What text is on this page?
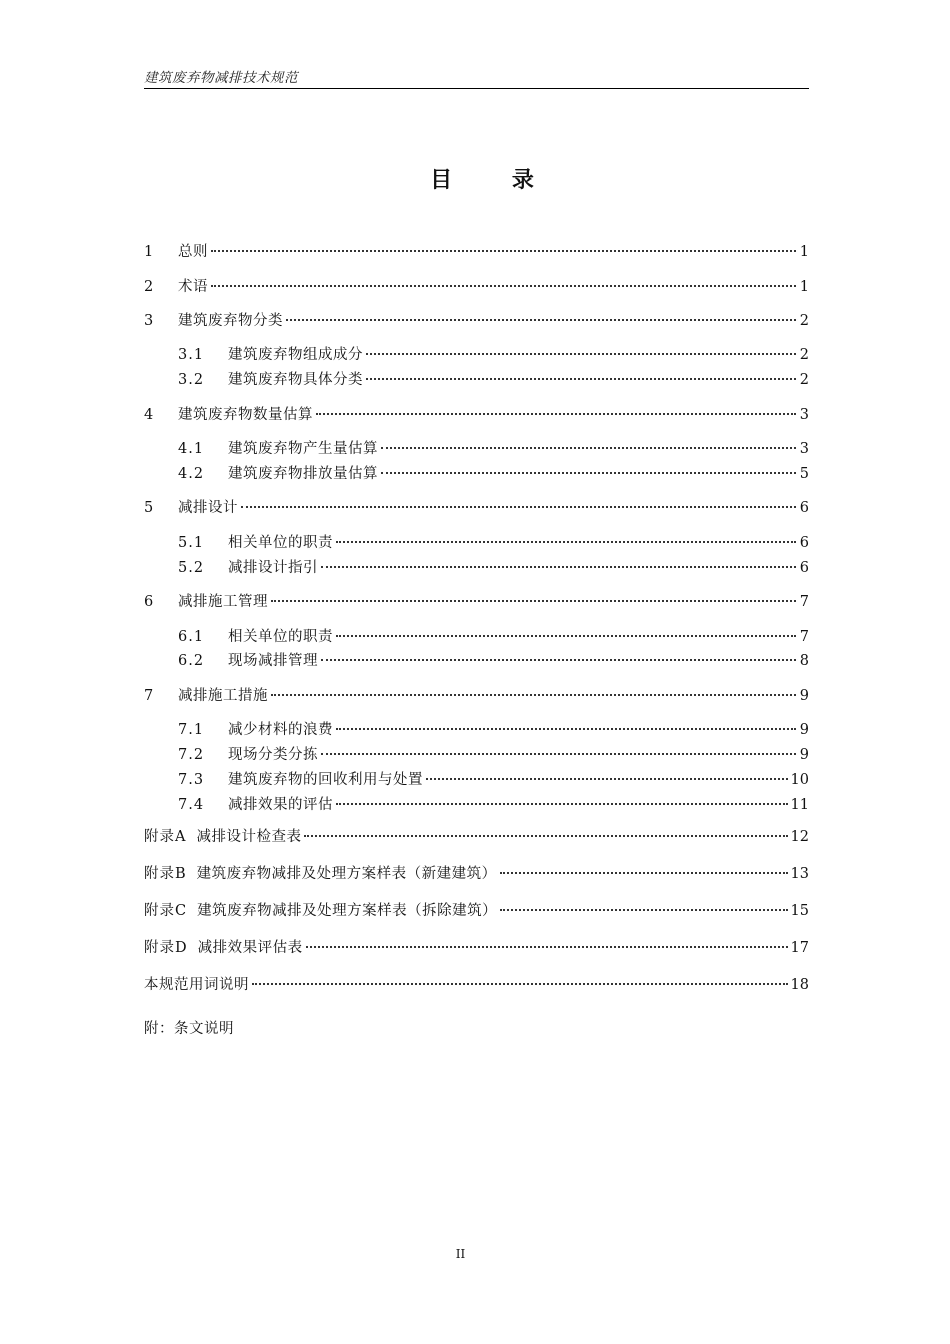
建筑废弃物减排技术规范
目 录
1	总则	1
2	术语	1
3	建筑废弃物分类	2
3.1	建筑废弃物组成成分	2
3.2	建筑废弃物具体分类	2
4	建筑废弃物数量估算	3
4.1	建筑废弃物产生量估算	3
4.2	建筑废弃物排放量估算	5
5	减排设计	6
5.1	相关单位的职责	6
5.2	减排设计指引	6
6	减排施工管理	7
6.1	相关单位的职责	7
6.2	现场减排管理	8
7	减排施工措施	9
7.1	减少材料的浪费	9
7.2	现场分类分拣	9
7.3	建筑废弃物的回收利用与处置	10
7.4	减排效果的评估	11
附录A 减排设计检查表	12
附录B 建筑废弃物减排及处理方案样表（新建建筑）	13
附录C 建筑废弃物减排及处理方案样表（拆除建筑）	15
附录D 减排效果评估表	17
本规范用词说明	18
附：条文说明
II
